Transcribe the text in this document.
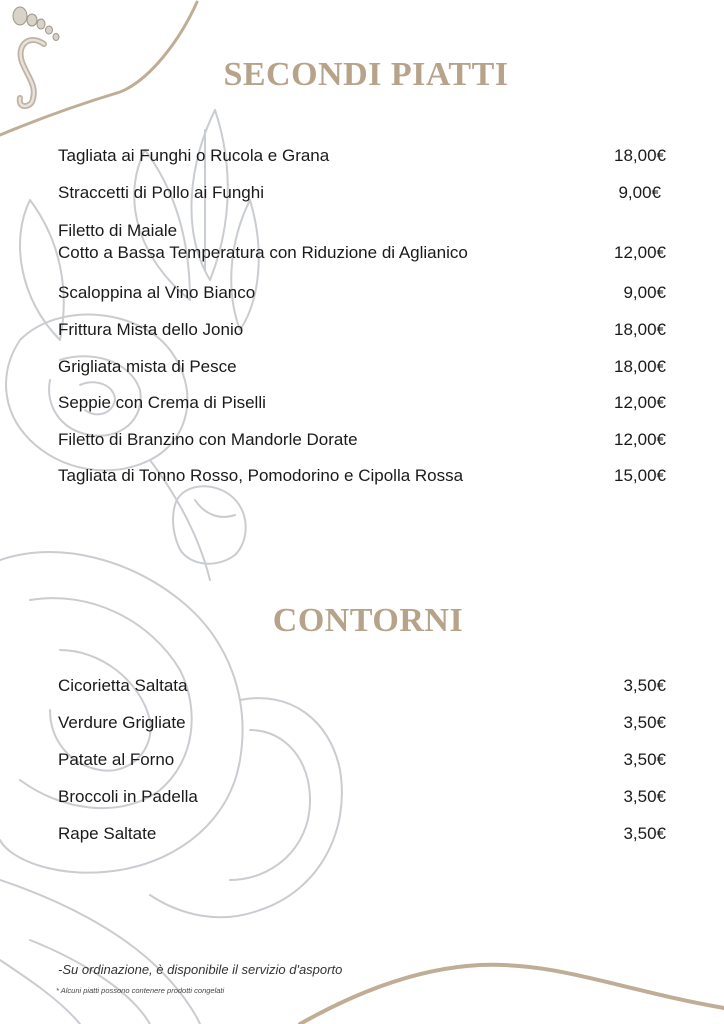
SECONDI PIATTI
Tagliata ai Funghi o Rucola e Grana	18,00€
Straccetti di Pollo ai Funghi	9,00€
Filetto di Maiale
Cotto a Bassa Temperatura con Riduzione di Aglianico	12,00€
Scaloppina al Vino Bianco	9,00€
Frittura Mista dello Jonio	18,00€
Grigliata mista di Pesce	18,00€
Seppie con Crema di Piselli	12,00€
Filetto di Branzino con Mandorle Dorate	12,00€
Tagliata di Tonno Rosso, Pomodorino e Cipolla Rossa	15,00€
CONTORNI
Cicorietta Saltata	3,50€
Verdure Grigliate	3,50€
Patate al Forno	3,50€
Broccoli in Padella	3,50€
Rape Saltate	3,50€
-Su ordinazione, è disponibile il servizio d'asporto
* Alcuni piatti possono contenere prodotti congelati
